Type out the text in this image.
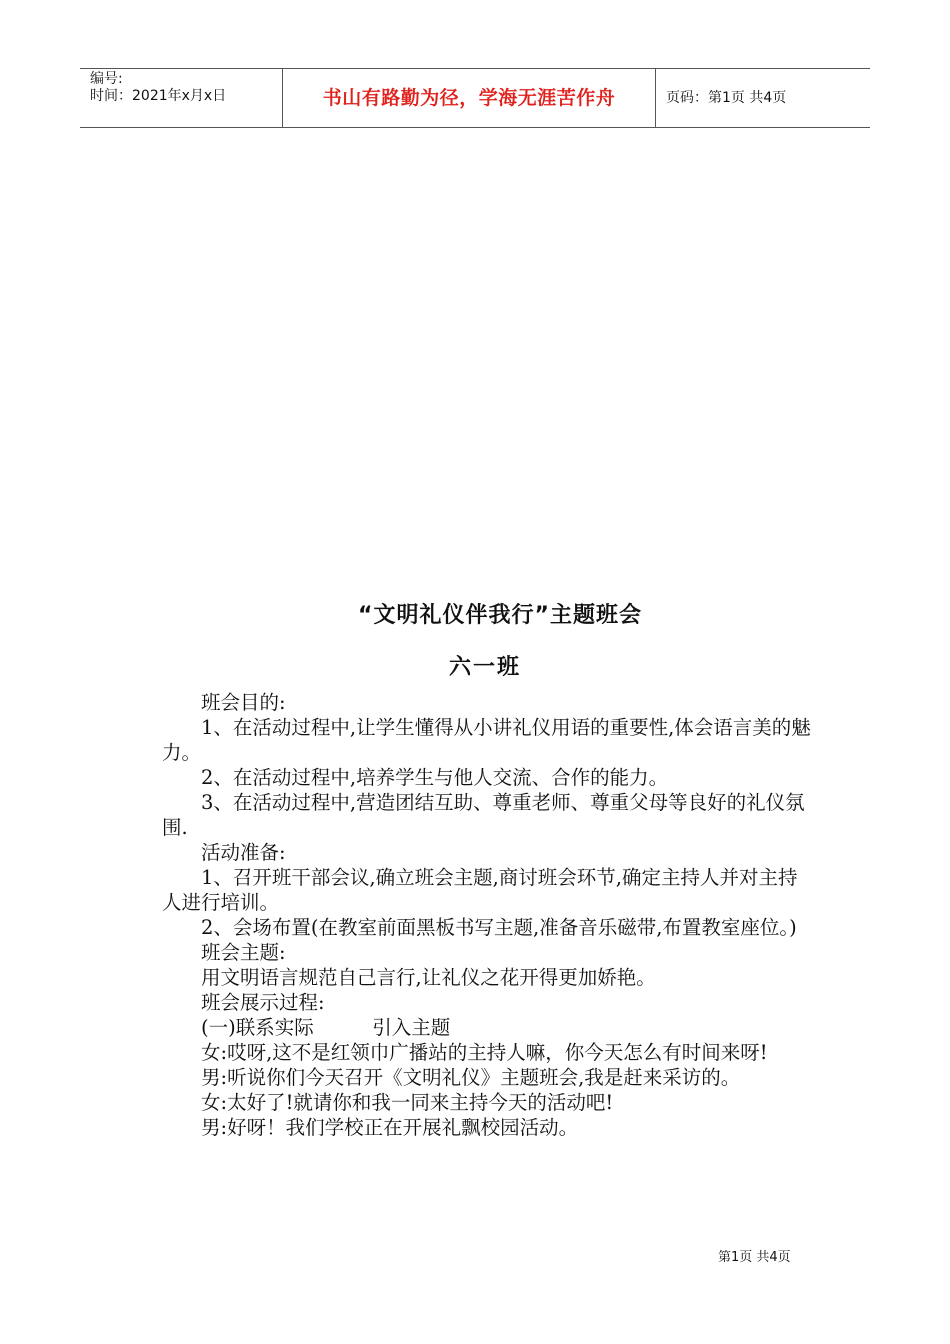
编号:
时间：2021年x月x日	书山有路勤为径，学海无涯苦作舟	页码：第1页 共4页
“文明礼仪伴我行”主题班会
六一班

班会目的:

1、在活动过程中,让学生懂得从小讲礼仪用语的重要性,体会语言美的魅力。

2、在活动过程中,培养学生与他人交流、合作的能力。

3、在活动过程中,营造团结互助、尊重老师、尊重父母等良好的礼仪氛围.

活动准备:

1、召开班干部会议,确立班会主题,商讨班会环节,确定主持人并对主持人进行培训。

2、会场布置(在教室前面黑板书写主题,准备音乐磁带,布置教室座位。)

班会主题:

用文明语言规范自己言行,让礼仪之花开得更加娇艳。

班会展示过程:

(一)联系实际　　　引入主题

女:哎呀,这不是红领巾广播站的主持人嘛，你今天怎么有时间来呀!

男:听说你们今天召开《文明礼仪》主题班会,我是赶来采访的。

女:太好了!就请你和我一同来主持今天的活动吧!

男:好呀！我们学校正在开展礼飘校园活动。

第1页 共4页
